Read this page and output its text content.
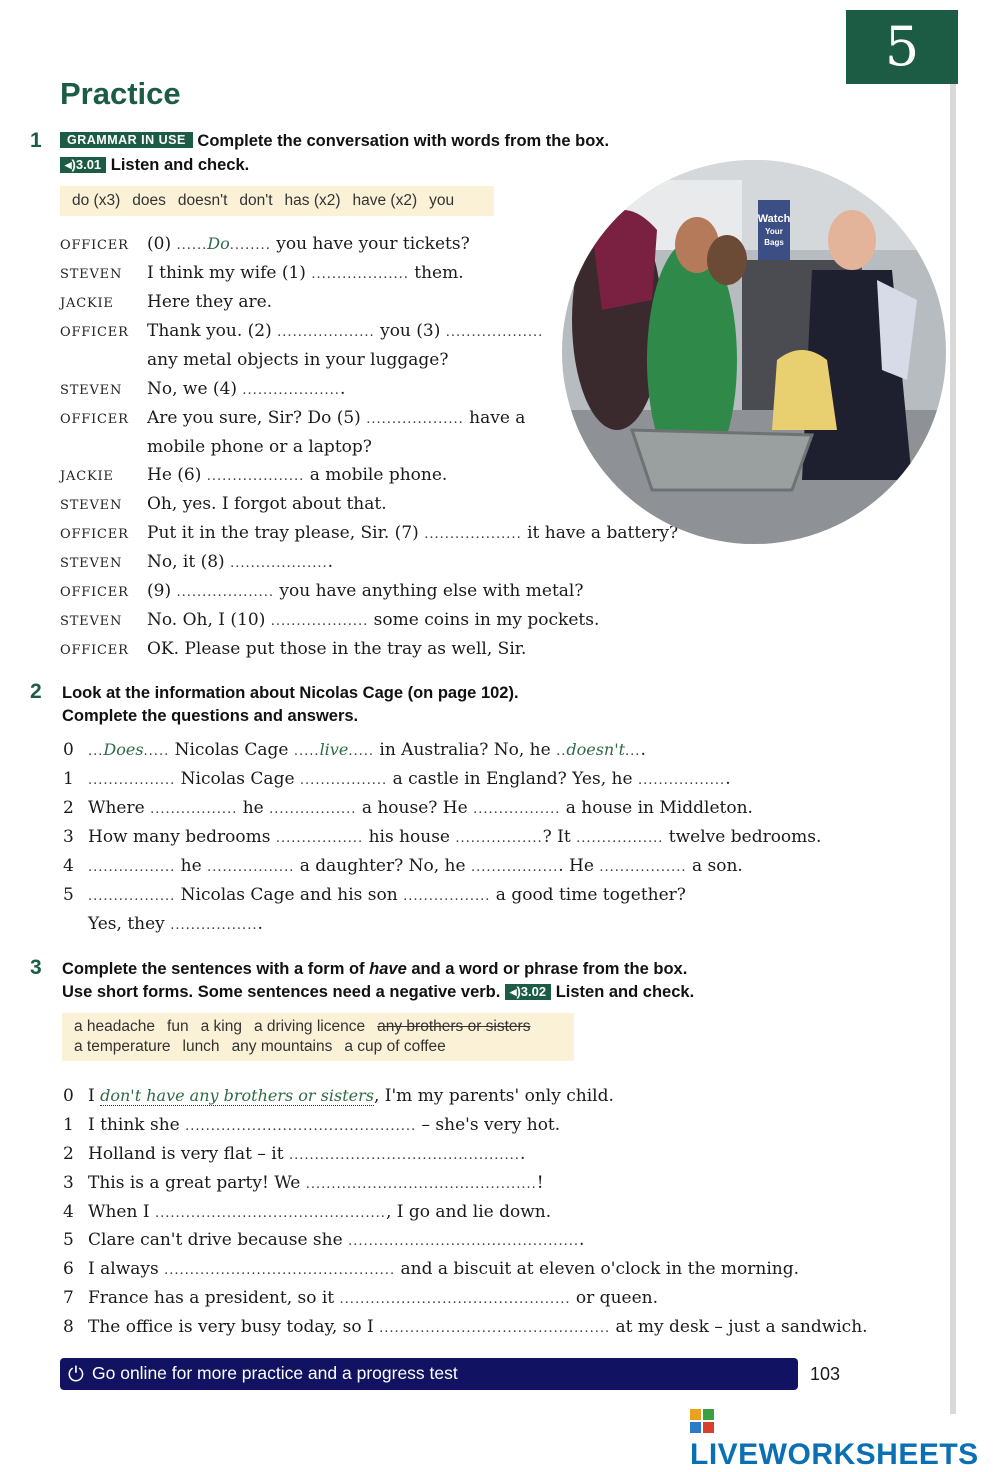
5
Practice
1	GRAMMAR IN USE Complete the conversation with words from the box.
◂)3.01 Listen and check.
do (x3) does doesn't don't has (x2) have (x2) you
OFFICER (0) ......Do........ you have your tickets?
STEVEN I think my wife (1) ................... them.
JACKIE Here they are.
OFFICER Thank you. (2) ................... you (3) ...................
any metal objects in your luggage?
STEVEN No, we (4) ....................
OFFICER Are you sure, Sir? Do (5) ................... have a
mobile phone or a laptop?
JACKIE He (6) ................... a mobile phone.
STEVEN Oh, yes. I forgot about that.
OFFICER Put it in the tray please, Sir. (7) ................... it have a battery?
STEVEN No, it (8) ....................
OFFICER (9) ................... you have anything else with metal?
STEVEN No. Oh, I (10) ................... some coins in my pockets.
OFFICER OK. Please put those in the tray as well, Sir.
Watch
Your
Bags
2 Look at the information about Nicolas Cage (on page 102).
Complete the questions and answers.
0 ...Does..... Nicolas Cage .....live..... in Australia? No, he ..doesn't....
1 ................. Nicolas Cage ................. a castle in England? Yes, he ..................
2 Where ................. he ................. a house? He ................. a house in Middleton.
3 How many bedrooms ................. his house .................? It ................. twelve bedrooms.
4 ................. he ................. a daughter? No, he .................. He ................. a son.
5 ................. Nicolas Cage and his son ................. a good time together?
Yes, they ..................
3 Complete the sentences with a form of have and a word or phrase from the box.
Use short forms. Some sentences need a negative verb. ◂)3.02 Listen and check.
a headache fun a king a driving licence any brothers or sisters
a temperature lunch any mountains a cup of coffee
0 I don't have any brothers or sisters, I'm my parents' only child.
1 I think she ............................................. – she's very hot.
2 Holland is very flat – it ..............................................
3 This is a great party! We .............................................!
4 When I ............................................., I go and lie down.
5 Clare can't drive because she ..............................................
6 I always ............................................. and a biscuit at eleven o'clock in the morning.
7 France has a president, so it ............................................. or queen.
8 The office is very busy today, so I ............................................. at my desk – just a sandwich.
⏻ Go online for more practice and a progress test	103
LIVEWORKSHEETS
